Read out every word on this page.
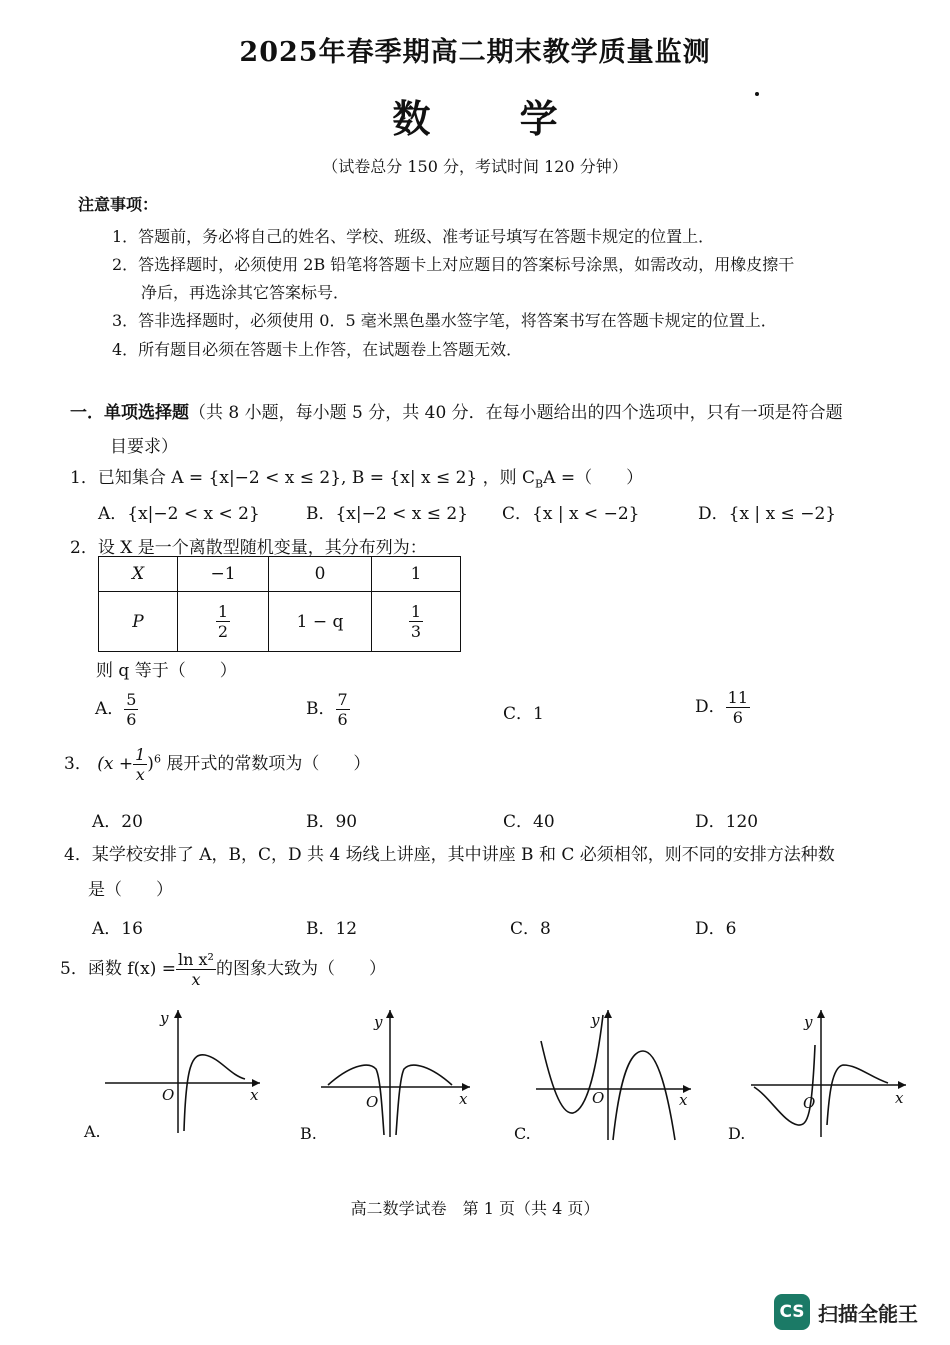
2025年春季期高二期末教学质量监测
数 学
（试卷总分 150 分，考试时间 120 分钟）
注意事项：
1．答题前，务必将自己的姓名、学校、班级、准考证号填写在答题卡规定的位置上．
2．答选择题时，必须使用 2B 铅笔将答题卡上对应题目的答案标号涂黑，如需改动，用橡皮擦干
净后，再选涂其它答案标号．
3．答非选择题时，必须使用 0．5 毫米黑色墨水签字笔，将答案书写在答题卡规定的位置上．
4．所有题目必须在答题卡上作答，在试题卷上答题无效．
一．单项选择题（共 8 小题，每小题 5 分，共 40 分．在每小题给出的四个选项中，只有一项是符合题
目要求）
1．已知集合 A = {x|−2 < x ≤ 2}, B = {x| x ≤ 2} ，则 $C_BA$ =（　　）
A．{x|−2 < x < 2}	B．{x|−2 < x ≤ 2} C．{x | x < −2}	D．{x | x ≤ −2}
2．设 X 是一个离散型随机变量，其分布列为：
X	−1	0	1
P	$\frac{1}{2}$	1 − q	$\frac{1}{3}$
则 q 等于（　　）
A． $\frac{5}{6}$	B． $\frac{7}{6}$	C．1	D． $\frac{11}{6}$
3． $(x + \frac{1}{x} )^6$ 展开式的常数项为（　　）
A．20	B．90	C．40	D．120
4．某学校安排了 A，B，C，D 共 4 场线上讲座，其中讲座 B 和 C 必须相邻，则不同的安排方法种数
是（　　）
A．16	B．12	C．8	D．6
5．函数 $f(x) = \frac{\text{ln x²}}{x}$ 的图象大致为（　　）
x
y
O
A.
x
y
O
B.
x
y
O
C.
x
y
O
D.
高二数学试卷　第 1 页（共 4 页）
CS 扫描全能王
